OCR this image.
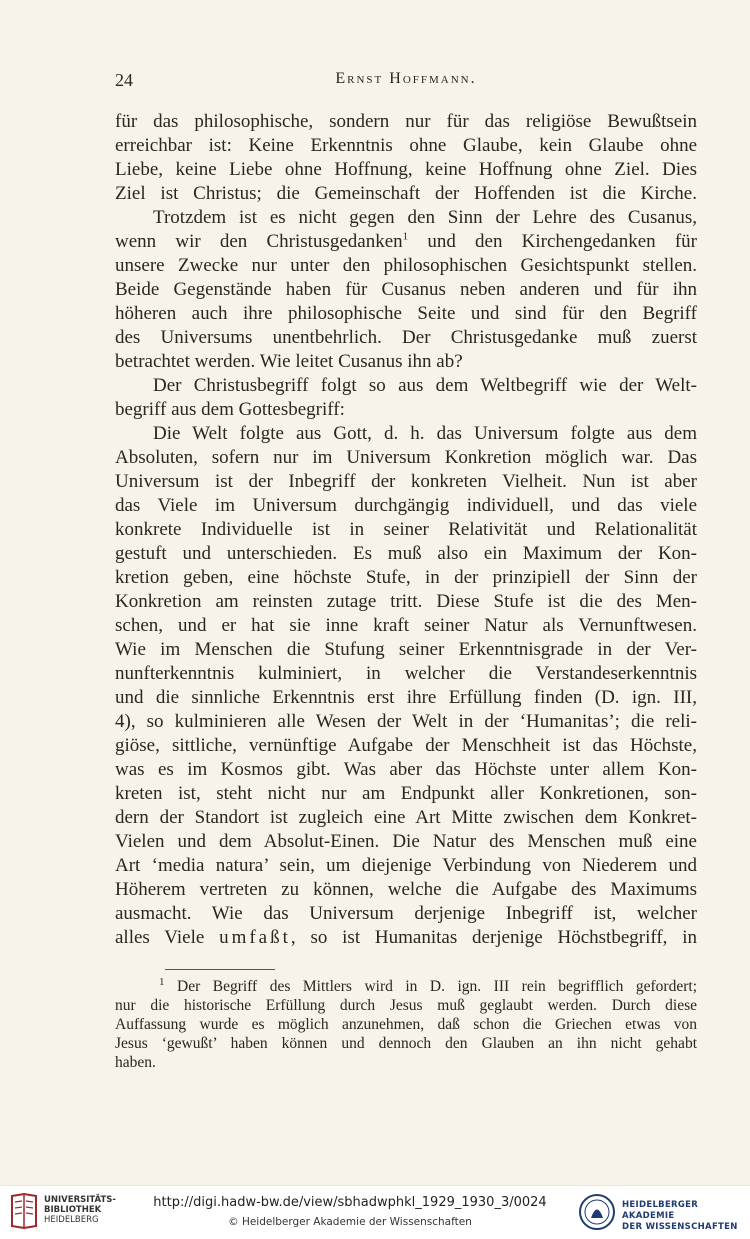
24	Ernst Hoffmann.
für das philosophische, sondern nur für das religiöse Bewußtsein
erreichbar ist: Keine Erkenntnis ohne Glaube, kein Glaube ohne
Liebe, keine Liebe ohne Hoffnung, keine Hoffnung ohne Ziel. Dies
Ziel ist Christus; die Gemeinschaft der Hoffenden ist die Kirche.
Trotzdem ist es nicht gegen den Sinn der Lehre des Cusanus,
wenn wir den Christusgedanken$^1$ und den Kirchengedanken für
unsere Zwecke nur unter den philosophischen Gesichtspunkt stellen.
Beide Gegenstände haben für Cusanus neben anderen und für ihn
höheren auch ihre philosophische Seite und sind für den Begriff
des Universums unentbehrlich. Der Christusgedanke muß zuerst
betrachtet werden. Wie leitet Cusanus ihn ab?
Der Christusbegriff folgt so aus dem Weltbegriff wie der Welt-
begriff aus dem Gottesbegriff:
Die Welt folgte aus Gott, d. h. das Universum folgte aus dem
Absoluten, sofern nur im Universum Konkretion möglich war. Das
Universum ist der Inbegriff der konkreten Vielheit. Nun ist aber
das Viele im Universum durchgängig individuell, und das viele
konkrete Individuelle ist in seiner Relativität und Relationalität
gestuft und unterschieden. Es muß also ein Maximum der Kon-
kretion geben, eine höchste Stufe, in der prinzipiell der Sinn der
Konkretion am reinsten zutage tritt. Diese Stufe ist die des Men-
schen, und er hat sie inne kraft seiner Natur als Vernunftwesen.
Wie im Menschen die Stufung seiner Erkenntnisgrade in der Ver-
nunfterkenntnis kulminiert, in welcher die Verstandeserkenntnis
und die sinnliche Erkenntnis erst ihre Erfüllung finden (D. ign. III,
4), so kulminieren alle Wesen der Welt in der ‘Humanitas’; die reli-
giöse, sittliche, vernünftige Aufgabe der Menschheit ist das Höchste,
was es im Kosmos gibt. Was aber das Höchste unter allem Kon-
kreten ist, steht nicht nur am Endpunkt aller Konkretionen, son-
dern der Standort ist zugleich eine Art Mitte zwischen dem Konkret-
Vielen und dem Absolut-Einen. Die Natur des Menschen muß eine
Art ‘media natura’ sein, um diejenige Verbindung von Niederem und
Höherem vertreten zu können, welche die Aufgabe des Maximums
ausmacht. Wie das Universum derjenige Inbegriff ist, welcher
alles Viele umfaßt, so ist Humanitas derjenige Höchstbegriff, in
$^1$ Der Begriff des Mittlers wird in D. ign. III rein begrifflich gefordert;
nur die historische Erfüllung durch Jesus muß geglaubt werden. Durch diese
Auffassung wurde es möglich anzunehmen, daß schon die Griechen etwas von
Jesus ‘gewußt’ haben können und dennoch den Glauben an ihn nicht gehabt
haben.
UNIVERSITÄTS-
BIBLIOTHEK
HEIDELBERG
http://digi.hadw-bw.de/view/sbhadwphkl_1929_1930_3/0024
© Heidelberger Akademie der Wissenschaften
HEIDELBERGER AKADEMIE
DER WISSENSCHAFTEN
